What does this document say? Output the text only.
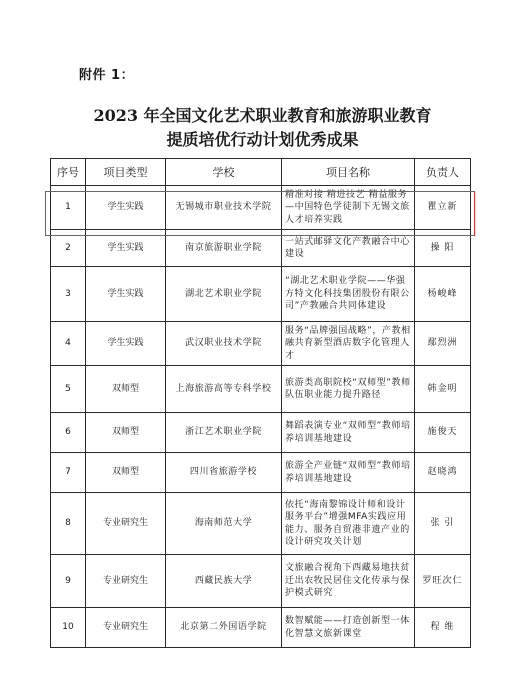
附件 1：
2023 年全国文化艺术职业教育和旅游职业教育
提质培优行动计划优秀成果
序号	项目类型	学校	项目名称	负责人
1	学生实践	无锡城市职业技术学院	精准对接 精进技艺 精益服务—中国特色学徒制下无锡文旅人才培养实践	瞿立新
2	学生实践	南京旅游职业学院	一站式邮驿文化产教融合中心建设	操 阳
3	学生实践	湖北艺术职业学院	“湖北艺术职业学院——华强方特文化科技集团股份有限公司”产教融合共同体建设	杨峻峰
4	学生实践	武汉职业技术学院	服务“品牌强国战略”，产教相融共育新型酒店数字化管理人才	鄢烈洲
5	双师型	上海旅游高等专科学校	旅游类高职院校“双师型”教师队伍职业能力提升路径	韩金明
6	双师型	浙江艺术职业学院	舞蹈表演专业“双师型”教师培养培训基地建设	施俊天
7	双师型	四川省旅游学校	旅游全产业链“双师型”教师培养培训基地建设	赵晓鸿
8	专业研究生	海南师范大学	依托“海南黎锦设计师和设计服务平台”增强MFA实践应用能力、服务自贸港非遗产业的设计研究攻关计划	张 引
9	专业研究生	西藏民族大学	文旅融合视角下西藏易地扶贫迁出农牧民居住文化传承与保护模式研究	罗旺次仁
10	专业研究生	北京第二外国语学院	数智赋能——打造创新型一体化智慧文旅新课堂	程 维
